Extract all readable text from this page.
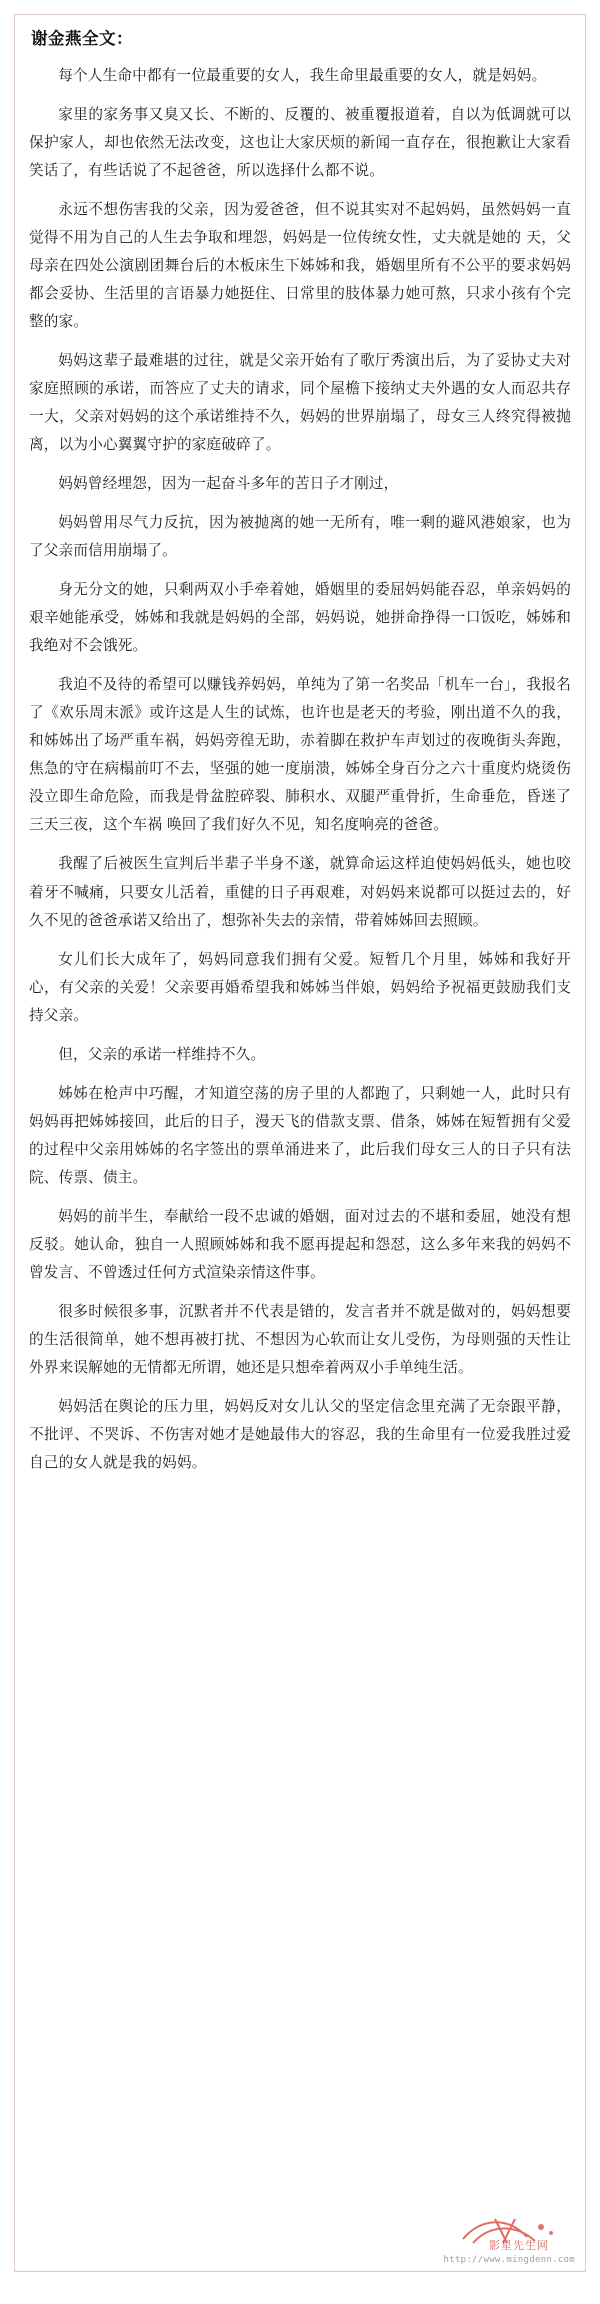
谢金燕全文：

每个人生命中都有一位最重要的女人，我生命里最重要的女人，就是妈妈。

家里的家务事又臭又长、不断的、反覆的、被重覆报道着，自以为低调就可以保护家人，却也依然无法改变，这也让大家厌烦的新闻一直存在，很抱歉让大家看笑话了，有些话说了不起爸爸，所以选择什么都不说。

永远不想伤害我的父亲，因为爱爸爸，但不说其实对不起妈妈，虽然妈妈一直觉得不用为自己的人生去争取和埋怨，妈妈是一位传统女性，丈夫就是她的 天，父母亲在四处公演剧团舞台后的木板床生下姊姊和我，婚姻里所有不公平的要求妈妈都会妥协、生活里的言语暴力她挺住、日常里的肢体暴力她可熬，只求小孩有个完整的家。

妈妈这辈子最难堪的过往，就是父亲开始有了歌厅秀演出后，为了妥协丈夫对家庭照顾的承诺，而答应了丈夫的请求，同个屋檐下接纳丈夫外遇的女人而忍共存一大，父亲对妈妈的这个承诺维持不久，妈妈的世界崩塌了，母女三人终究得被抛离，以为小心翼翼守护的家庭破碎了。

妈妈曾经埋怨，因为一起奋斗多年的苦日子才刚过，

妈妈曾用尽气力反抗，因为被抛离的她一无所有，唯一剩的避风港娘家，也为了父亲而信用崩塌了。

身无分文的她，只剩两双小手牵着她，婚姻里的委屈妈妈能吞忍，单亲妈妈的艰辛她能承受，姊姊和我就是妈妈的全部，妈妈说，她拼命挣得一口饭吃，姊姊和我绝对不会饿死。

我迫不及待的希望可以赚钱养妈妈，单纯为了第一名奖品「机车一台」，我报名了《欢乐周末派》或许这是人生的试炼，也许也是老天的考验，刚出道不久的我，和姊姊出了场严重车祸，妈妈旁徨无助，赤着脚在救护车声划过的夜晚街头奔跑，焦急的守在病榻前叮不去，坚强的她一度崩溃，姊姊全身百分之六十重度灼烧烫伤没立即生命危险，而我是骨盆腔碎裂、肺积水、双腿严重骨折，生命垂危，昏迷了三天三夜，这个车祸 唤回了我们好久不见，知名度响亮的爸爸。

我醒了后被医生宣判后半辈子半身不遂，就算命运这样迫使妈妈低头，她也咬着牙不喊痛，只要女儿活着，重健的日子再艰难，对妈妈来说都可以挺过去的，好久不见的爸爸承诺又给出了，想弥补失去的亲情，带着姊姊回去照顾。

女儿们长大成年了，妈妈同意我们拥有父爱。短暂几个月里，姊姊和我好开心，有父亲的关爱！父亲要再婚希望我和姊姊当伴娘，妈妈给予祝福更鼓励我们支持父亲。

但，父亲的承诺一样维持不久。

姊姊在枪声中巧醒，才知道空荡的房子里的人都跑了，只剩她一人，此时只有妈妈再把姊姊接回，此后的日子，漫天飞的借款支票、借条，姊姊在短暂拥有父爱的过程中父亲用姊姊的名字签出的票单涌进来了，此后我们母女三人的日子只有法院、传票、债主。

妈妈的前半生，奉献给一段不忠诚的婚姻，面对过去的不堪和委屈，她没有想反驳。她认命，独自一人照顾姊姊和我不愿再提起和怨怼，这么多年来我的妈妈不曾发言、不曾透过任何方式渲染亲情这件事。

很多时候很多事，沉默者并不代表是错的，发言者并不就是做对的，妈妈想要的生活很简单，她不想再被打扰、不想因为心软而让女儿受伤，为母则强的天性让外界来误解她的无情都无所谓，她还是只想牵着两双小手单纯生活。

妈妈活在舆论的压力里，妈妈反对女儿认父的坚定信念里充满了无奈跟平静，不批评、不哭诉、不伤害对她才是她最伟大的容忍，我的生命里有一位爱我胜过爱自己的女人就是我的妈妈。

影星先生网
http://www.mingdenn.com
